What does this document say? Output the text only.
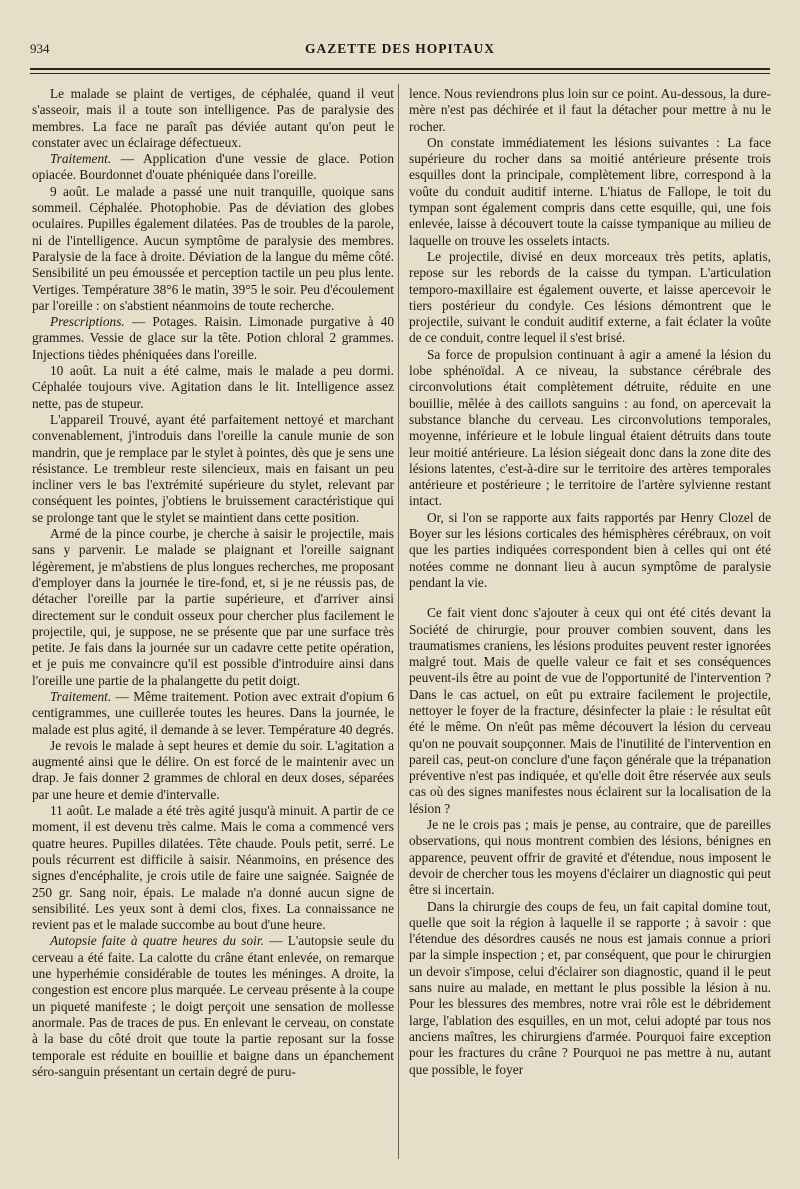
934	GAZETTE DES HOPITAUX

Le malade se plaint de vertiges, de céphalée, quand il veut s'asseoir, mais il a toute son intelligence. Pas de paralysie des membres. La face ne paraît pas déviée autant qu'on peut le constater avec un éclairage défectueux.

Traitement. — Application d'une vessie de glace. Potion opiacée. Bourdonnet d'ouate phéniquée dans l'oreille.

9 août. Le malade a passé une nuit tranquille, quoique sans sommeil. Céphalée. Photophobie. Pas de déviation des globes oculaires. Pupilles également dilatées. Pas de troubles de la parole, ni de l'intelligence. Aucun symptôme de paralysie des membres. Paralysie de la face à droite. Déviation de la langue du même côté. Sensibilité un peu émoussée et perception tactile un peu plus lente. Vertiges. Température 38°6 le matin, 39°5 le soir. Peu d'écoulement par l'oreille : on s'abstient néanmoins de toute recherche.

Prescriptions. — Potages. Raisin. Limonade purgative à 40 grammes. Vessie de glace sur la tête. Potion chloral 2 grammes. Injections tièdes phéniquées dans l'oreille.

10 août. La nuit a été calme, mais le malade a peu dormi. Céphalée toujours vive. Agitation dans le lit. Intelligence assez nette, pas de stupeur.

L'appareil Trouvé, ayant été parfaitement nettoyé et marchant convenablement, j'introduis dans l'oreille la canule munie de son mandrin, que je remplace par le stylet à pointes, dès que je sens une résistance. Le trembleur reste silencieux, mais en faisant un peu incliner vers le bas l'extrémité supérieure du stylet, relevant par conséquent les pointes, j'obtiens le bruissement caractéristique qui se prolonge tant que le stylet se maintient dans cette position.

Armé de la pince courbe, je cherche à saisir le projectile, mais sans y parvenir. Le malade se plaignant et l'oreille saignant légèrement, je m'abstiens de plus longues recherches, me proposant d'employer dans la journée le tire-fond, et, si je ne réussis pas, de détacher l'oreille par la partie supérieure, et d'arriver ainsi directement sur le conduit osseux pour chercher plus facilement le projectile, qui, je suppose, ne se présente que par une surface très petite. Je fais dans la journée sur un cadavre cette petite opération, et je puis me convaincre qu'il est possible d'introduire ainsi dans l'oreille une partie de la phalangette du petit doigt.

Traitement. — Même traitement. Potion avec extrait d'opium 6 centigrammes, une cuillerée toutes les heures. Dans la journée, le malade est plus agité, il demande à se lever. Température 40 degrés.

Je revois le malade à sept heures et demie du soir. L'agitation a augmenté ainsi que le délire. On est forcé de le maintenir avec un drap. Je fais donner 2 grammes de chloral en deux doses, séparées par une heure et demie d'intervalle.

11 août. Le malade a été très agité jusqu'à minuit. A partir de ce moment, il est devenu très calme. Mais le coma a commencé vers quatre heures. Pupilles dilatées. Tête chaude. Pouls petit, serré. Le pouls récurrent est difficile à saisir. Néanmoins, en présence des signes d'encéphalite, je crois utile de faire une saignée. Saignée de 250 gr. Sang noir, épais. Le malade n'a donné aucun signe de sensibilité. Les yeux sont à demi clos, fixes. La connaissance ne revient pas et le malade succombe au bout d'une heure.

Autopsie faite à quatre heures du soir. — L'autopsie seule du cerveau a été faite. La calotte du crâne étant enlevée, on remarque une hyperhémie considérable de toutes les méninges. A droite, la congestion est encore plus marquée. Le cerveau présente à la coupe un piqueté manifeste ; le doigt perçoit une sensation de mollesse anormale. Pas de traces de pus. En enlevant le cerveau, on constate à la base du côté droit que toute la partie reposant sur la fosse temporale est réduite en bouillie et baigne dans un épanchement séro-sanguin présentant un certain degré de puru-

lence. Nous reviendrons plus loin sur ce point. Au-dessous, la dure-mère n'est pas déchirée et il faut la détacher pour mettre à nu le rocher.

On constate immédiatement les lésions suivantes : La face supérieure du rocher dans sa moitié antérieure présente trois esquilles dont la principale, complètement libre, correspond à la voûte du conduit auditif interne. L'hiatus de Fallope, le toit du tympan sont également compris dans cette esquille, qui, une fois enlevée, laisse à découvert toute la caisse tympanique au milieu de laquelle on trouve les osselets intacts.

Le projectile, divisé en deux morceaux très petits, aplatis, repose sur les rebords de la caisse du tympan. L'articulation temporo-maxillaire est également ouverte, et laisse apercevoir le tiers postérieur du condyle. Ces lésions démontrent que le projectile, suivant le conduit auditif externe, a fait éclater la voûte de ce conduit, contre lequel il s'est brisé.

Sa force de propulsion continuant à agir a amené la lésion du lobe sphénoïdal. A ce niveau, la substance cérébrale des circonvolutions était complètement détruite, réduite en une bouillie, mêlée à des caillots sanguins : au fond, on apercevait la substance blanche du cerveau. Les circonvolutions temporales, moyenne, inférieure et le lobule lingual étaient détruits dans toute leur moitié antérieure. La lésion siégeait donc dans la zone dite des lésions latentes, c'est-à-dire sur le territoire des artères temporales antérieure et postérieure ; le territoire de l'artère sylvienne restant intact.

Or, si l'on se rapporte aux faits rapportés par Henry Clozel de Boyer sur les lésions corticales des hémisphères cérébraux, on voit que les parties indiquées correspondent bien à celles qui ont été notées comme ne donnant lieu à aucun symptôme de paralysie pendant la vie.

Ce fait vient donc s'ajouter à ceux qui ont été cités devant la Société de chirurgie, pour prouver combien souvent, dans les traumatismes craniens, les lésions produites peuvent rester ignorées malgré tout. Mais de quelle valeur ce fait et ses conséquences peuvent-ils être au point de vue de l'opportunité de l'intervention ? Dans le cas actuel, on eût pu extraire facilement le projectile, nettoyer le foyer de la fracture, désinfecter la plaie : le résultat eût été le même. On n'eût pas même découvert la lésion du cerveau qu'on ne pouvait soupçonner. Mais de l'inutilité de l'intervention en pareil cas, peut-on conclure d'une façon générale que la trépanation préventive n'est pas indiquée, et qu'elle doit être réservée aux seuls cas où des signes manifestes nous éclairent sur la localisation de la lésion ?

Je ne le crois pas ; mais je pense, au contraire, que de pareilles observations, qui nous montrent combien des lésions, bénignes en apparence, peuvent offrir de gravité et d'étendue, nous imposent le devoir de chercher tous les moyens d'éclairer un diagnostic qui peut être si incertain.

Dans la chirurgie des coups de feu, un fait capital domine tout, quelle que soit la région à laquelle il se rapporte ; à savoir : que l'étendue des désordres causés ne nous est jamais connue a priori par la simple inspection ; et, par conséquent, que pour le chirurgien un devoir s'impose, celui d'éclairer son diagnostic, quand il le peut sans nuire au malade, en mettant le plus possible la lésion à nu. Pour les blessures des membres, notre vrai rôle est le débridement large, l'ablation des esquilles, en un mot, celui adopté par tous nos anciens maîtres, les chirurgiens d'armée. Pourquoi faire exception pour les fractures du crâne ? Pourquoi ne pas mettre à nu, autant que possible, le foyer
